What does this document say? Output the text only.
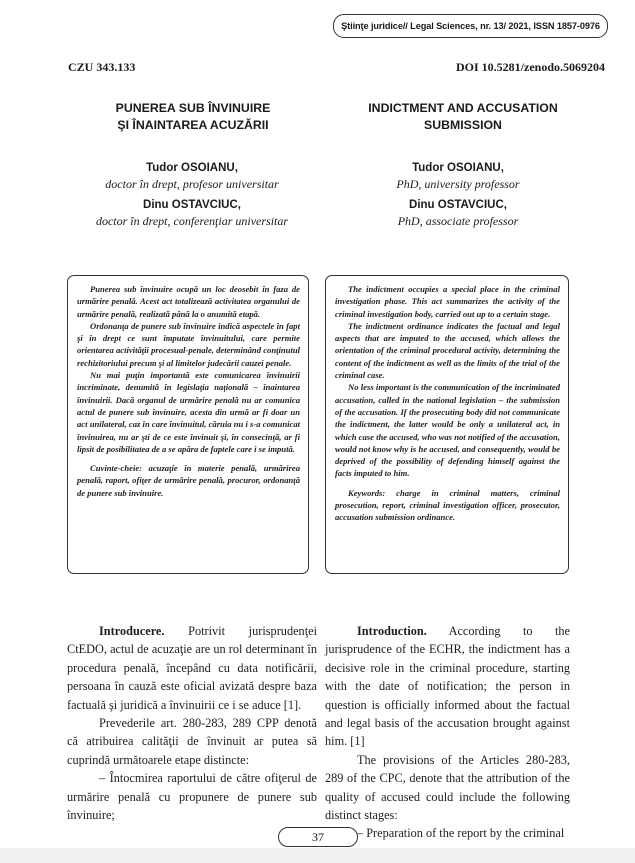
Ştiinţe juridice// Legal Sciences, nr. 13/ 2021, ISSN 1857-0976
CZU 343.133	DOI 10.5281/zenodo.5069204
PUNEREA SUB ÎNVINUIRE
ŞI ÎNAINTAREA ACUZĂRII
INDICTMENT AND ACCUSATION
SUBMISSION
Tudor OSOIANU,
doctor în drept, profesor universitar
Dinu OSTAVCIUC,
doctor în drept, conferenţiar universitar
Tudor OSOIANU,
PhD, university professor
Dinu OSTAVCIUC,
PhD, associate professor

Punerea sub învinuire ocupă un loc deosebit în faza de urmărire penală. Acest act totalizează activitatea organului de urmărire penală, realizată până la o anumită etapă.

Ordonanţa de punere sub învinuire indică aspectele în fapt şi în drept ce sunt imputate învinuitului, care permite orientarea activităţii procesual-penale, determinând conţinutul rechizitoriului precum şi al limitelor judecării cauzei penale.

Nu mai puţin importantă este comunicarea învinuirii incriminate, denumită în legislaţia naţională – înaintarea învinuirii. Dacă organul de urmărire penală nu ar comunica actul de punere sub învinuire, acesta din urmă ar fi doar un act unilateral, caz în care învinuitul, căruia nu i s-a comunicat învinuirea, nu ar şti de ce este învinuit şi, în consecinţă, ar fi lipsit de posibilitatea de a se apăra de faptele care i se impută.

Cuvinte-cheie: acuzaţie în materie penală, urmărirea penală, raport, ofiţer de urmărire penală, procuror, ordonanţă de punere sub învinuire.

The indictment occupies a special place in the criminal investigation phase. This act summarizes the activity of the criminal investigation body, carried out up to a certain stage.

The indictment ordinance indicates the factual and legal aspects that are imputed to the accused, which allows the orientation of the criminal procedural activity, determining the content of the indictment as well as the limits of the trial of the criminal case.

No less important is the communication of the incriminated accusation, called in the national legislation – the submission of the accusation. If the prosecuting body did not communicate the indictment, the latter would be only a unilateral act, in which case the accused, who was not notified of the accusation, would not know why is he accused, and consequently, would be deprived of the possibility of defending himself against the facts imputed to him.

Keywords: charge in criminal matters, criminal prosecution, report, criminal investigation officer, prosecutor, accusation submission ordinance.

Introducere. Potrivit jurisprudenţei CtEDO, actul de acuzaţie are un rol determinant în procedura penală, începând cu data notificării, persoana în cauză este oficial avizată despre baza factuală şi juridică a învinuirii ce i se aduce [1].

Prevederile art. 280-283, 289 CPP denotă că atribuirea calităţii de învinuit ar putea să cuprindă următoarele etape distincte:

– Întocmirea raportului de către ofiţerul de urmărire penală cu propunere de punere sub învinuire;

Introduction. According to the jurisprudence of the ECHR, the indictment has a decisive role in the criminal procedure, starting with the date of notification; the person in question is officially informed about the factual and legal basis of the accusation brought against him. [1]

The provisions of the Articles 280-283, 289 of the CPC, denote that the attribution of the quality of accused could include the following distinct stages:

– Preparation of the report by the criminal

37
